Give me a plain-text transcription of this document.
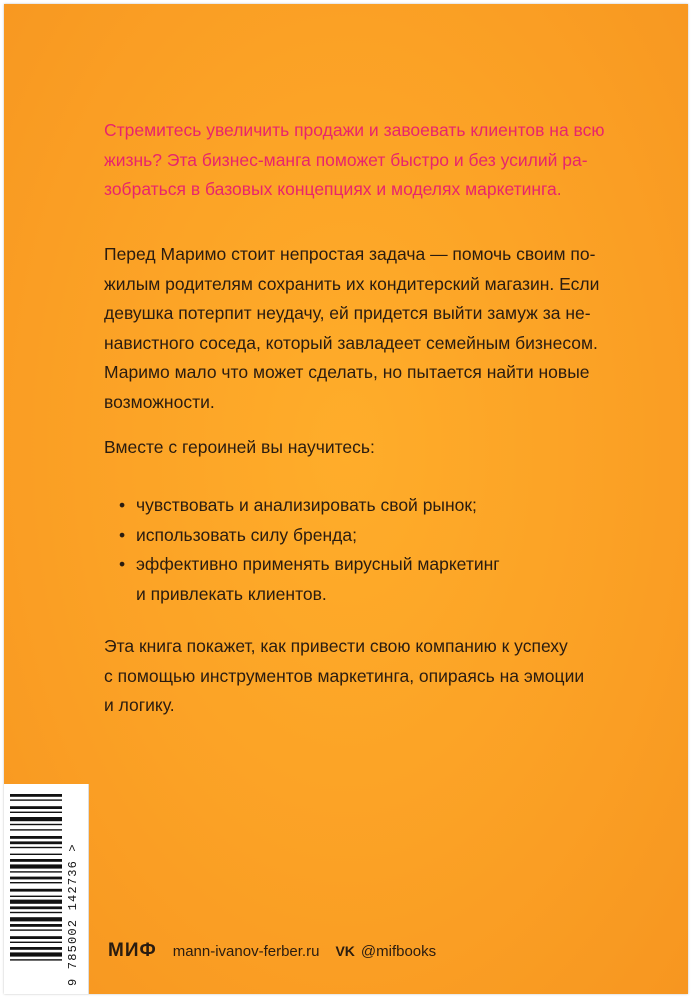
Стремитесь увеличить продажи и завоевать клиентов на всю
жизнь? Эта бизнес-манга поможет быстро и без усилий ра-
зобраться в базовых концепциях и моделях маркетинга.
Перед Маримо стоит непростая задача — помочь своим по-
жилым родителям сохранить их кондитерский магазин. Если
девушка потерпит неудачу, ей придется выйти замуж за не-
навистного соседа, который завладеет семейным бизнесом.
Маримо мало что может сделать, но пытается найти новые
возможности.
Вместе с героиней вы научитесь:
• чувствовать и анализировать свой рынок;
• использовать силу бренда;
• эффективно применять вирусный маркетинг
и привлекать клиентов.
Эта книга покажет, как привести свою компанию к успеху
с помощью инструментов маркетинга, опираясь на эмоции
и логику.
9 785002 142736 >
МИФ mann-ivanov-ferber.ru VK @mifbooks
